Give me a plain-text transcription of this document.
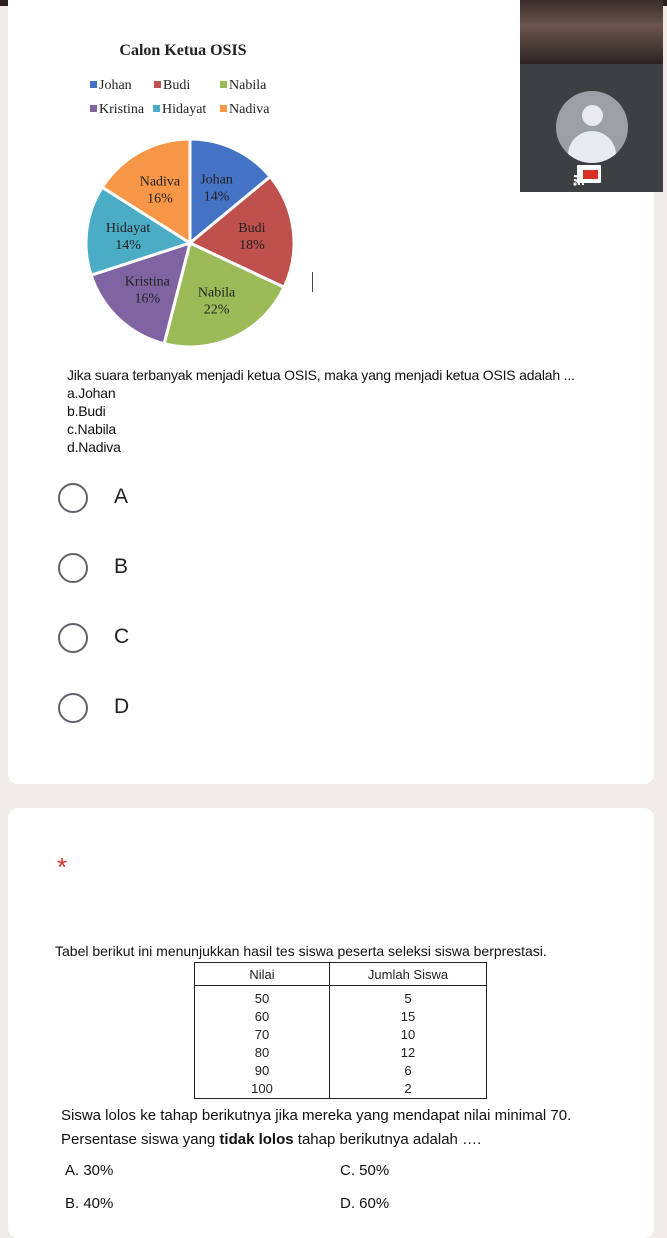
Calon Ketua OSIS
Johan	Budi	Nabila
Kristina	Hidayat	Nadiva
Johan
14%
Budi
18%
Nabila
22%
Kristina
16%
Hidayat
14%
Nadiva
16%
Jika suara terbanyak menjadi ketua OSIS, maka yang menjadi ketua OSIS adalah ...
a.Johan
b.Budi
c.Nabila
d.Nadiva
A
B
C
D
*
Tabel berikut ini menunjukkan hasil tes siswa peserta seleksi siswa berprestasi.
Nilai	Jumlah Siswa
50	5
60	15
70	10
80	12
90	6
100	2
Siswa lolos ke tahap berikutnya jika mereka yang mendapat nilai minimal 70.
Persentase siswa yang tidak lolos tahap berikutnya adalah ….
A. 30%	C. 50%
B. 40%	D. 60%
